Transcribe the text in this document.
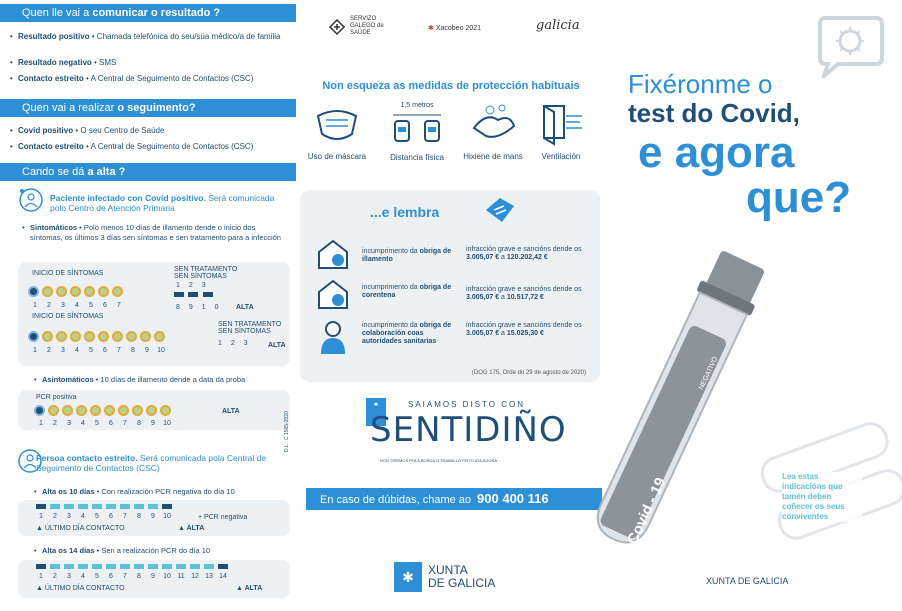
Quen lle vai a comunicar o resultado ?
• Resultado positivo • Chamada telefónica do seu/súa médico/a de familia
• Resultado negativo • SMS
• Contacto estreito • A Central de Seguimento de Contactos (CSC)
Quen vai a realizar o seguimento?
• Covid positivo • O seu Centro de Saúde
• Contacto estreito • A Central de Seguimento de Contactos (CSC)
Cando se dá a alta ?
Paciente infectado con Covid positivo. Será comunicada polo Centro de Atención Primaria
• Sintomáticos • Polo menos 10 días de illamento dende o inicio dos síntomas, os últimos 3 días sen síntomas e sen tratamento para a infección
INICIO DE SÍNTOMAS
SEN TRATAMENTO
SEN SÍNTOMAS
1	2	3	4	5	6	7

123
8910 ALTA
INICIO DE SÍNTOMAS
SEN TRATAMENTO
SEN SÍNTOMAS
1	2	3	4	5	6	7	8	9	10
123 ALTA
• Asintomáticos • 10 días de illamento dende a data da proba
PCR positiva
1	2	3	4	5	6	7	8	9	10
ALTA
Persoa contacto estreito. Será comunicada pola Central de Seguimento de Contactos (CSC)
• Alta os 10 días • Con realización PCR negativa do día 10
1	2	3	4	5	6	7	8	9	10	+ PCR negativa
▲ ÚLTIMO DÍA CONTACTO	▲ ALTA
• Alta os 14 días • Sen a realización PCR do día 10
1	2	3	4	5	6	7	8	9	10 11 12 13 14
▲ ÚLTIMO DÍA CONTACTO	▲ ALTA
SERVIZO GALEGO de SAÚDE
✱ Xacobeo 2021	galicia
Non esqueza as medidas de protección habituais
Uso de máscara
1,5 metros
Distancia física	Hixiene de mans	Ventilación
...e lembra
incumprimento da obriga de illamento
infracción grave e sancións dende os 3.005,07 € a 120.202,42 €
incumprimento da obriga de corentena
infracción grave e sancións dende os 3.005,07 € a 10.517,72 €
incumprimento da obriga de colaboración coas autoridades sanitarias
infracción grave e sancións dende os 3.005,07 € a 15.025,30 €
(DOG 175, Orde do 29 de agosto de 2020)
✱	SAIAMOS DISTO CON
SENTIDIÑO
NON TIREMOS POLA BORDA O TRABALLO FEITO ATA AGORA
D.L.: C 1565-2020
En caso de dúbidas, chame ao 900 400 116
✱	XUNTA
DE GALICIA
Fixéronme o
test do Covid,
e agora
que?
NEGATIVO POSITIVO
Covid - 19	Lea estas indicacións que tamén deben coñecer os seus conviventes
XUNTA DE GALICIA
